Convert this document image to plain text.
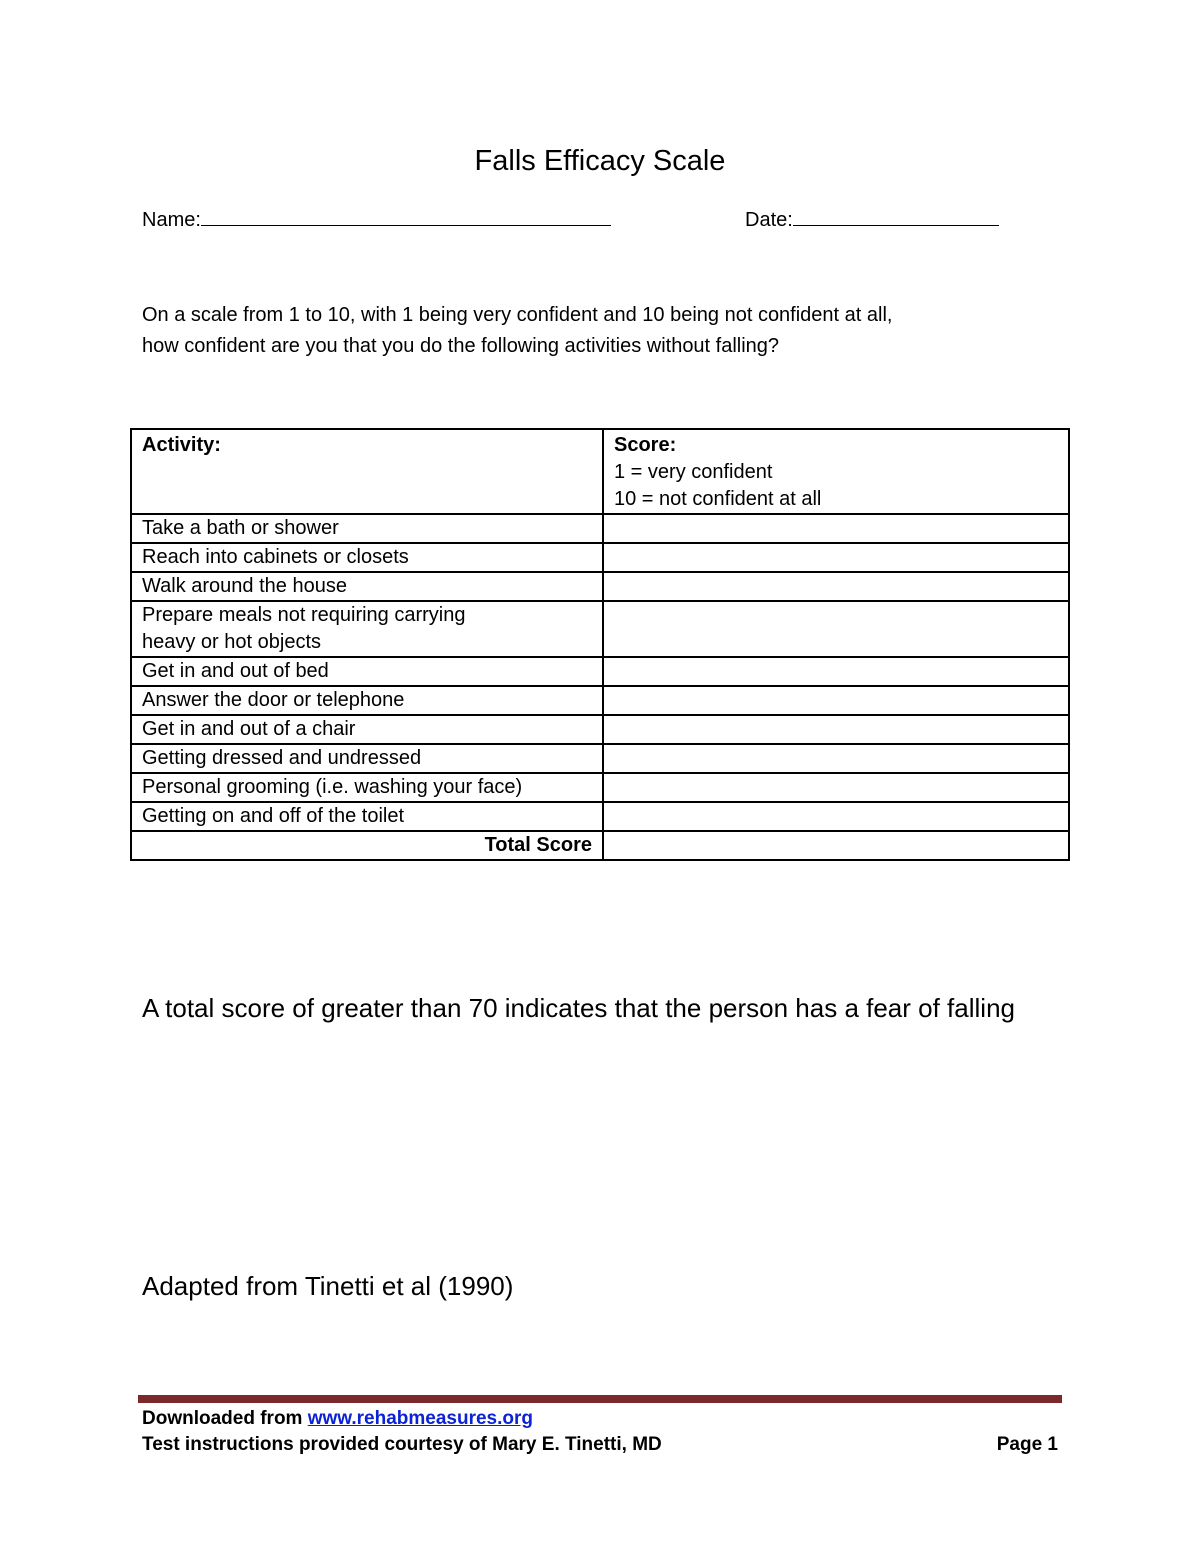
Falls Efficacy Scale
Name:	Date:
On a scale from 1 to 10, with 1 being very confident and 10 being not confident at all,
how confident are you that you do the following activities without falling?
Activity:	Score:
1 = very confident
10 = not confident at all

Take a bath or shower	
Reach into cabinets or closets	
Walk around the house	

Prepare meals not requiring carrying
heavy or hot objects	

Get in and out of bed	
Answer the door or telephone	
Get in and out of a chair	
Getting dressed and undressed	
Personal grooming (i.e. washing your face)	
Getting on and off of the toilet	
Total Score	
A total score of greater than 70 indicates that the person has a fear of falling
Adapted from Tinetti et al (1990)
Downloaded from www.rehabmeasures.org
Test instructions provided courtesy of Mary E. Tinetti, MD	Page 1
